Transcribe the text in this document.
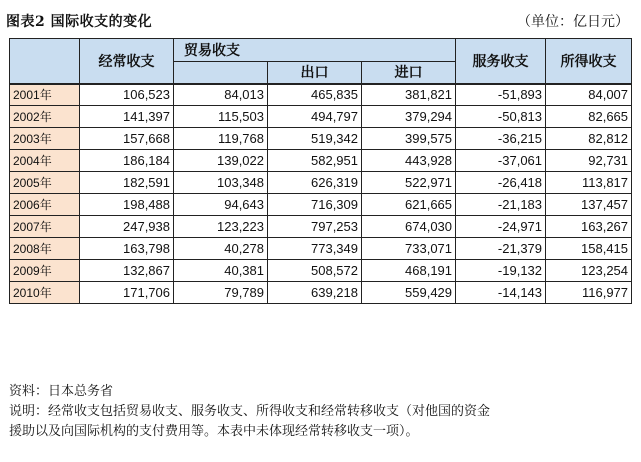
图表2 国际收支的变化	（单位：亿日元）
	经常收支	贸易收支			服务收支	所得收支
			出口	进口		
2001年	106,523	84,013	465,835	381,821	-51,893	84,007
2002年	141,397	115,503	494,797	379,294	-50,813	82,665
2003年	157,668	119,768	519,342	399,575	-36,215	82,812
2004年	186,184	139,022	582,951	443,928	-37,061	92,731
2005年	182,591	103,348	626,319	522,971	-26,418	113,817
2006年	198,488	94,643	716,309	621,665	-21,183	137,457
2007年	247,938	123,223	797,253	674,030	-24,971	163,267
2008年	163,798	40,278	773,349	733,071	-21,379	158,415
2009年	132,867	40,381	508,572	468,191	-19,132	123,254
2010年	171,706	79,789	639,218	559,429	-14,143	116,977
资料：日本总务省
说明：经常收支包括贸易收支、服务收支、所得收支和经常转移收支（对他国的资金
援助以及向国际机构的支付费用等。本表中未体现经常转移收支一项）。
